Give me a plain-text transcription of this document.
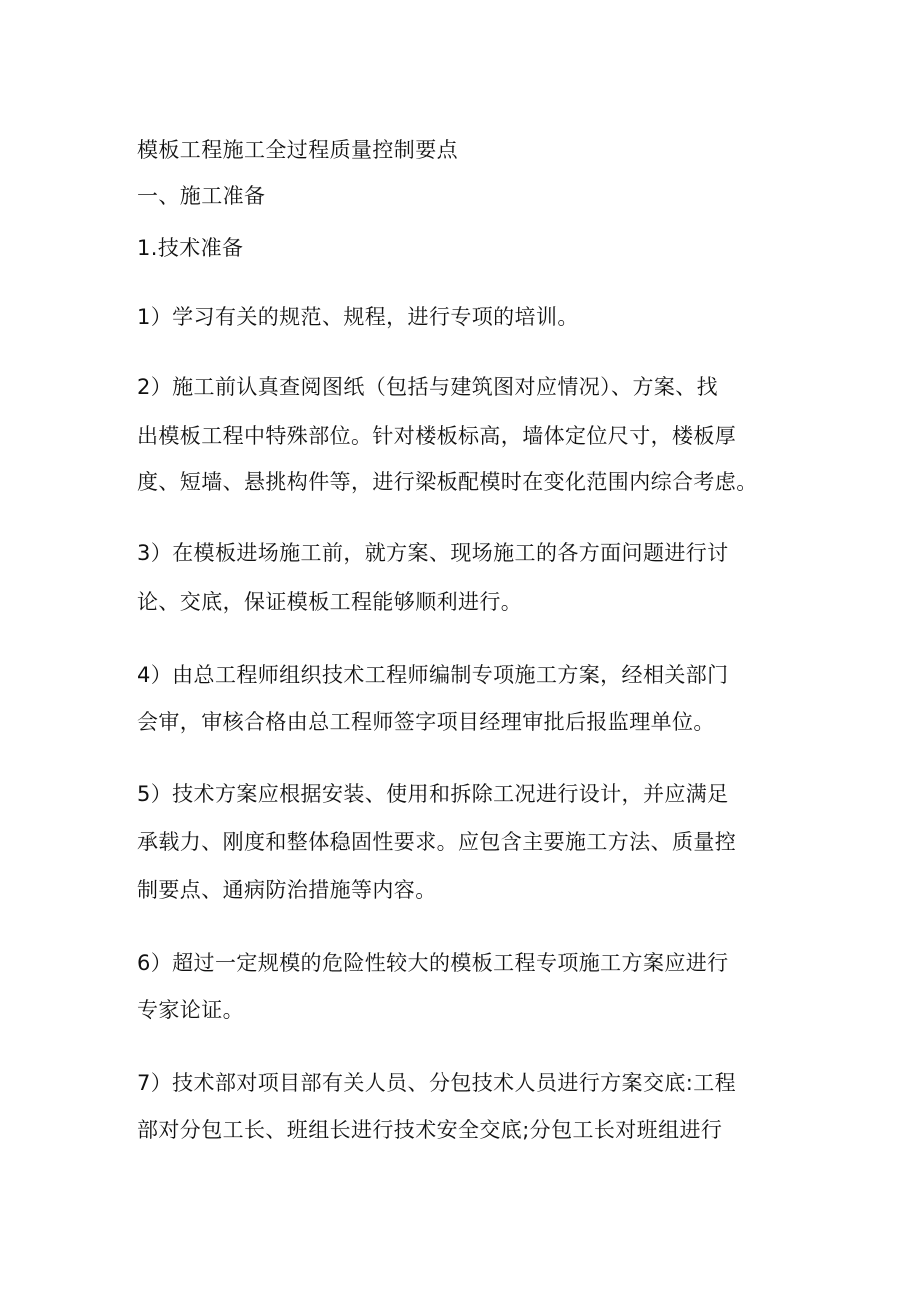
模板工程施工全过程质量控制要点
一、施工准备
1.技术准备
1）学习有关的规范、规程，进行专项的培训。
2）施工前认真查阅图纸（包括与建筑图对应情况）、方案、找
出模板工程中特殊部位。针对楼板标高，墙体定位尺寸，楼板厚
度、短墙、悬挑构件等，进行梁板配模时在变化范围内综合考虑。
3）在模板进场施工前，就方案、现场施工的各方面问题进行讨
论、交底，保证模板工程能够顺利进行。
4）由总工程师组织技术工程师编制专项施工方案，经相关部门
会审，审核合格由总工程师签字项目经理审批后报监理单位。
5）技术方案应根据安装、使用和拆除工况进行设计，并应满足
承载力、刚度和整体稳固性要求。应包含主要施工方法、质量控
制要点、通病防治措施等内容。
6）超过一定规模的危险性较大的模板工程专项施工方案应进行
专家论证。
7）技术部对项目部有关人员、分包技术人员进行方案交底:工程
部对分包工长、班组长进行技术安全交底;分包工长对班组进行
